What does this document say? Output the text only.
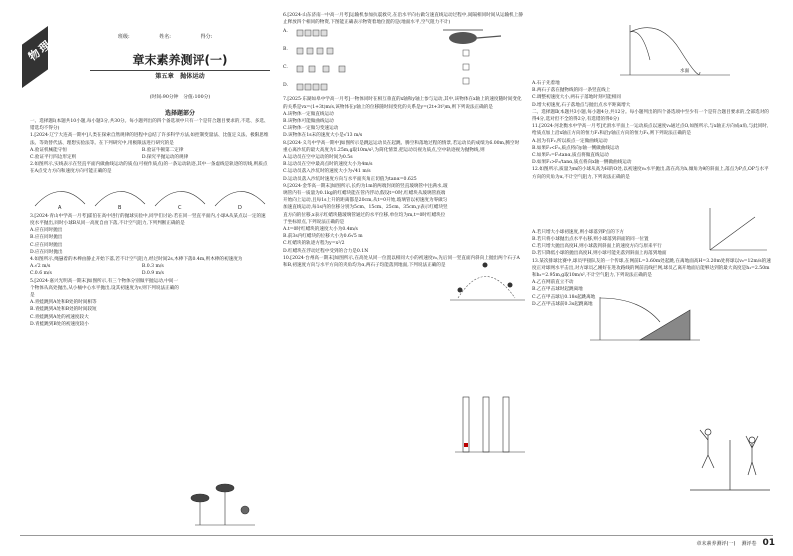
物理
班级:	姓名:	得分:
章末素养测评(一)
第五章　抛体运动
(时间:90分钟　分值:100分)
选择题部分
一、选择题Ⅰ(本题共10小题,每小题3分,共30分。每小题列出的四个备选项中只有一个是符合题目要求的,不选、多选、错选均不得分)
1.[2024·辽宁大连高一期中]人类在探索自然规律的进程中总结了许多科学方法,如控制变量法、比值定义法、极限思维法、等效替代法、理想实验法等。在下列研究中,用极限法进行研究的是
A.验证机械能守恒	B.验证牛顿第二定律 C.验证平行四边形定则	D.探究平抛运动的规律
2.如图所示,实线表示在竖直平面内做曲线运动的质点(可视作质点)的一条运动轨迹,其中一条虚线是轨迹的切线,则质点在A点受力方向和速度方向可能正确的是
A	B	C	D
3.[2024·青山中学高一月考]霍伯在高中进行的抛球实验中,同学们讨论:若在同一竖直平面内,小球A从某点以一定的速度水平抛出,同时小球B从同一高度自由下落,不计空气阻力,下列判断正确的是
A.应在同时抛出
B.应在同时抛出
C.应在同时抛出
D.应在同时抛出
4.如图所示,绳悬着的木棒由静止开始下落,若不计空气阻力,经过时间2s,木棒下落0.4m,则木棒的初速度为
A.√2 m/s	B.0.3 m/s C.0.6 m/s	D.0.9 m/s
5.[2024·嘉兴光明高一期末]如图所示,有三个物体分别做平抛运动,中间一个物体从高处抛出,从小桶中心水平抛出,设其初速度为v,则下列说法正确的是
A.青蛙跳到A处和B处的时间相等
B.青蛙跳到A处和B处的时间较短
C.青蛙跳到A处的初速度较大
D.青蛙跳到B处的初速度较小
6.[2024·山东济南一中高一月考]运输机参加抗震救灾,在沿水平向右做匀速直线运动过程中,间隔相同时间从运输机上静止释放四个相同的物资,下图能正确表示物资着地位置的是(地面水平,空气阻力不计)
A.
B.
C.
D.
7.[2025·东湖如皋中学高一月考]一物体同时在相互垂直的x轴和y轴上参与运动,其中,该物体在x轴上的速度随时间变化的关系是vx=(1+3t)m/s,该物体在y轴上的位移随时间变化的关系是y=(2t+3t²)m,则下列说法正确的是
A.该物体一定做直线运动
B.该物体可能做曲线运动
C.该物体一定做匀变速运动
D.该物体在1s末的速度大小是√13 m/s
8.[2024·义乌中学高一期中]如图所示是跳远运动员在起跳、腾空和落地过程的情景,若运动员的成绩为6.00m,腾空时重心离沙坑的最大高度为1.25m,g取10m/s²,为简化情景,把运动员视为质点,空中轨迹视为抛物线,则
A.运动员在空中运动的时间为0.5s
B.运动员在空中最高点时的速度大小为4m/s
C.运动员落入沙坑时的速度大小为√41 m/s
D.运动员落入沙坑时速度方向与水平面夹角正切值为tanα=0.625
9.[2024·金华高一期末]如图所示,长约为1m的两端封闭的竖直玻璃管中注满水,玻璃管内有一质量为0.1kg的红蜡块能在管内浮动,假设t=0时,红蜡块从玻璃管底端开始向上运动,且每1s上升的距离都是20cm,从t=0开始,玻璃管以初速度为零做匀加速直线运动,每1s内的位移分别为5cm、15cm、25cm、35cm,y表示红蜡块竖直方向的位移,x表示红蜡块随玻璃管通过的水平位移,单位均为m,t=0时红蜡块位于坐标原点,下列说法正确的是
A.t=0时红蜡块的速度大小为0.4m/s
B.前3s内红蜡块的位移大小为0.6√5 m
C.红蜡块的轨迹方程为y=x²/2
D.红蜡块在浮动过程中受到的合力是0.1N
10.[2024·台州高一期末]如图所示,在高处从同一位置以相同大小的初速度v₀,先后同一竖直面内斜向上抛出两个石子A和B,初速度方向与水平方向的夹角均为α,两石子均能落到地面,下列说法正确的是
水面
A.石子先着地
B.两石子落在抛物线的同一条竖直线上
C.调整初速度大小,两石子落地时刻可能相同
D.增大初速度,石子落地点与抛出点水平距离增大
二、选择题Ⅱ(本题共3小题,每小题4分,共12分。每小题列出的四个备选项中至少有一个是符合题目要求的,全部选对的得4分,选对但不全的得2分,有选错的得0分)
11.[2024·河北衡水中学高一月考]光滑水平面上一运动质点以速度v₀通过点O,如图所示,与x轴正方向成α角,与此同时,给质点加上沿x轴正方向的恒力F₁和沿y轴正方向的恒力F₂,则下列说法正确的是
A.因为有F₂,所以质点一定做曲线运动
B.如果F₁<F₂,质点将向y轴一侧做曲线运动
C.如果F₁=F₂tanα,质点将做直线运动
D.如果F₁>F₂/tanα,质点将向x轴一侧做曲线运动
12.如图所示,质量为m的小球从高为H的O处,以初速度v₀水平抛出,落在高为h,倾角为θ的斜面上,落点为P点,OP与水平方向的夹角为α,不计空气阻力,下列说法正确的是
A.若只增大小球初速度,则小球落到P点的下方
B.若只将小球抛出点水平右移,则小球落到斜面的同一位置
C.若只增大抛出高度H,则小球落到斜面上的速度方向与原来平行
D.若只降低小球的抛出高度H,则小球可能先落到斜面上再落到地面
13.某次排球比赛中,球员甲接队友的一个传球,在网前L=3.60m处起跳,在离地面高H=3.20m处将球以v₀=12m/s的速度正对球网水平击出,对方球员乙刚好在进攻路线的网前直线拦网,球员乙离开地面后能够达到的最大高度是h₁=2.50m和h₂=2.95m,g取10m/s²,不计空气阻力,下列说法正确的是
A.乙在网前直立不动
B.乙在甲击球时起跳离地
C.乙在甲击球后0.18s起跳离地
D.乙在甲击球前0.3s起跳离地
章末素养测评(一) 测评卷 01
